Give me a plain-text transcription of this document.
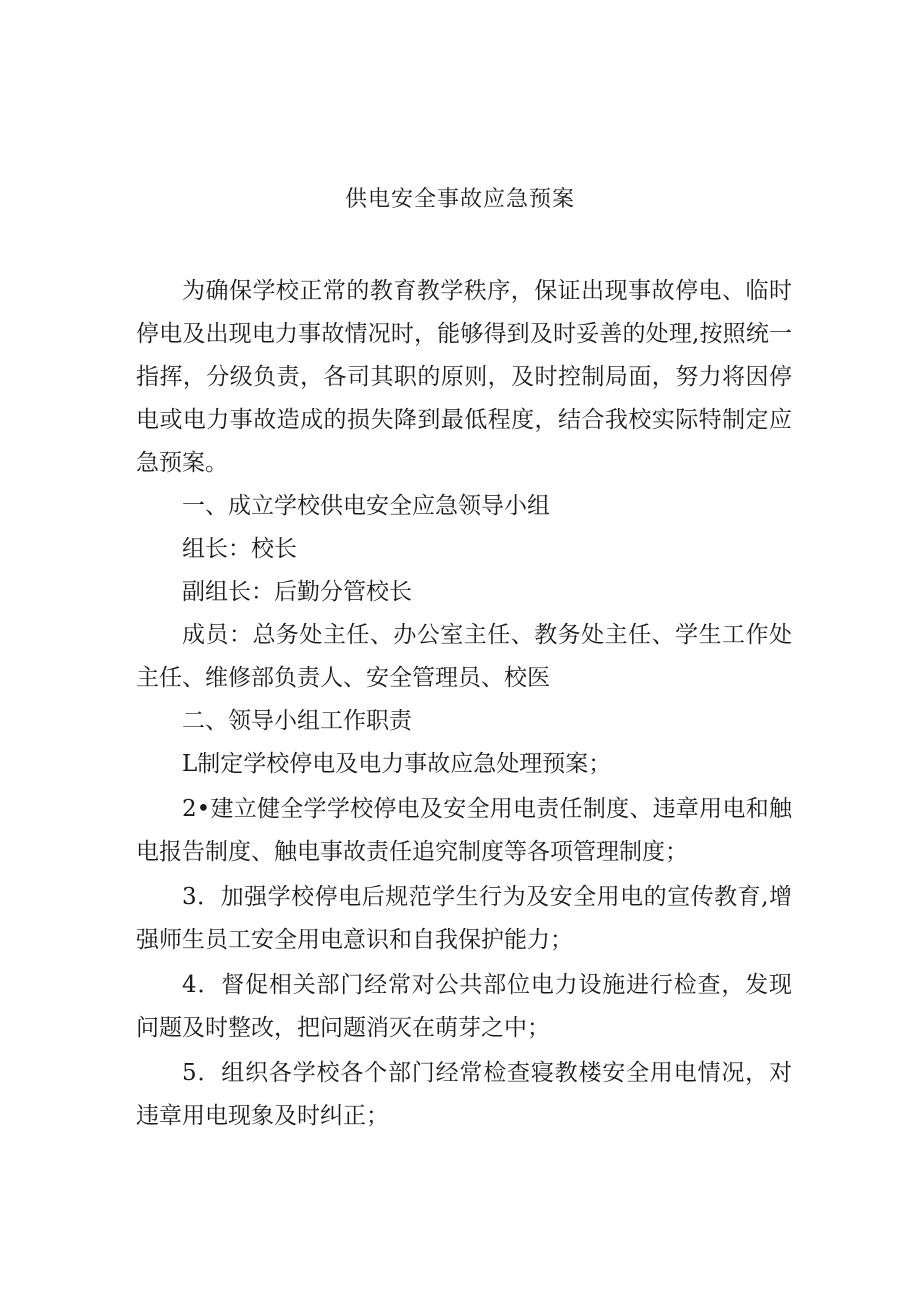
供电安全事故应急预案

为确保学校正常的教育教学秩序，保证出现事故停电、临时停电及出现电力事故情况时，能够得到及时妥善的处理,按照统一指挥，分级负责，各司其职的原则，及时控制局面，努力将因停电或电力事故造成的损失降到最低程度，结合我校实际特制定应急预案。

一、成立学校供电安全应急领导小组

组长：校长

副组长：后勤分管校长

成员：总务处主任、办公室主任、教务处主任、学生工作处主任、维修部负责人、安全管理员、校医

二、领导小组工作职责

L制定学校停电及电力事故应急处理预案；

2•建立健全学学校停电及安全用电责任制度、违章用电和触电报告制度、触电事故责任追究制度等各项管理制度；

3．加强学校停电后规范学生行为及安全用电的宣传教育,增强师生员工安全用电意识和自我保护能力；

4．督促相关部门经常对公共部位电力设施进行检查，发现问题及时整改，把问题消灭在萌芽之中；

5．组织各学校各个部门经常检查寝教楼安全用电情况，对违章用电现象及时纠正；
